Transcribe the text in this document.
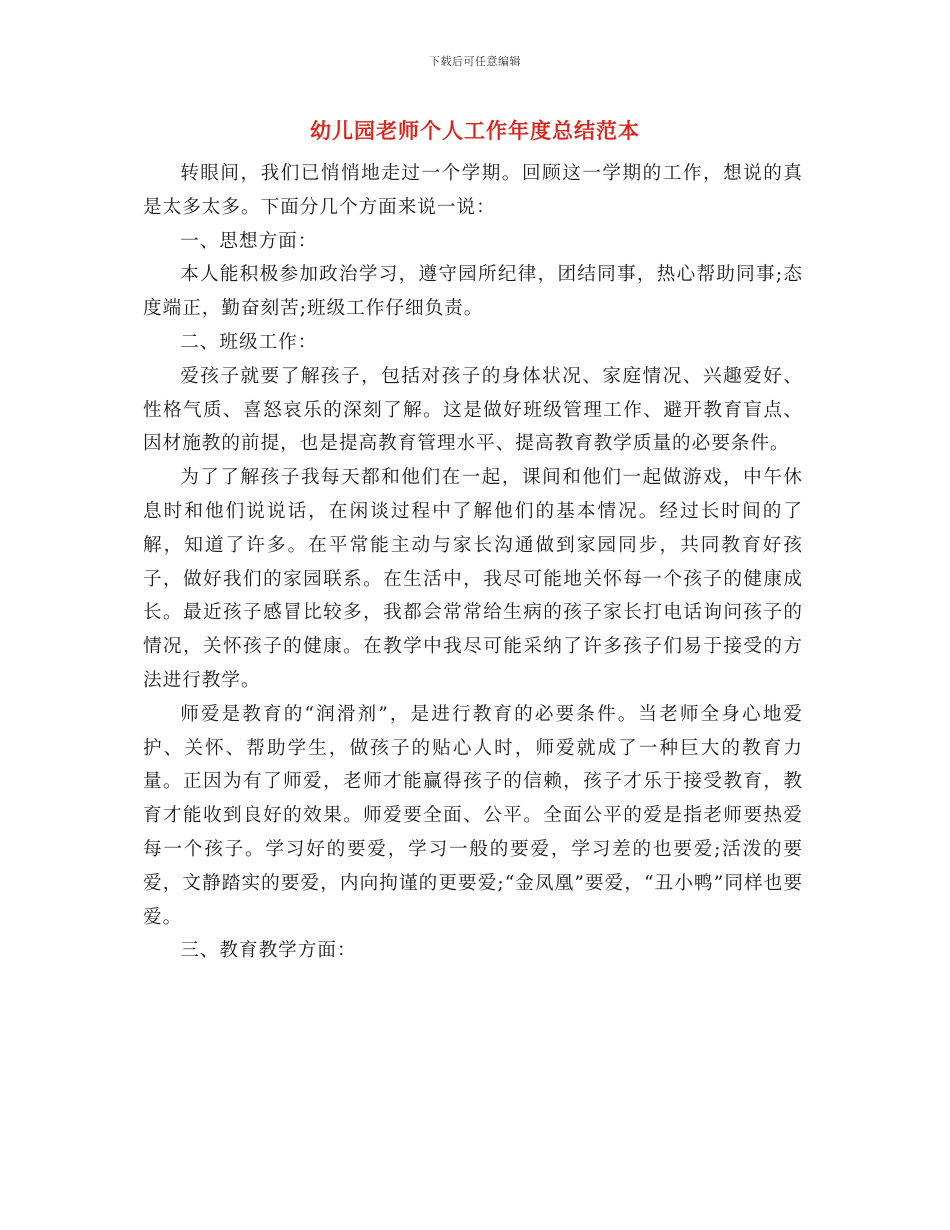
下载后可任意编辑
幼儿园老师个人工作年度总结范本

转眼间，我们已悄悄地走过一个学期。回顾这一学期的工作，想说的真是太多太多。下面分几个方面来说一说：

一、思想方面：

本人能积极参加政治学习，遵守园所纪律，团结同事，热心帮助同事;态度端正，勤奋刻苦;班级工作仔细负责。

二、班级工作：

爱孩子就要了解孩子，包括对孩子的身体状况、家庭情况、兴趣爱好、性格气质、喜怒哀乐的深刻了解。这是做好班级管理工作、避开教育盲点、因材施教的前提，也是提高教育管理水平、提高教育教学质量的必要条件。

为了了解孩子我每天都和他们在一起，课间和他们一起做游戏，中午休息时和他们说说话，在闲谈过程中了解他们的基本情况。经过长时间的了解，知道了许多。在平常能主动与家长沟通做到家园同步，共同教育好孩子，做好我们的家园联系。在生活中，我尽可能地关怀每一个孩子的健康成长。最近孩子感冒比较多，我都会常常给生病的孩子家长打电话询问孩子的情况，关怀孩子的健康。在教学中我尽可能采纳了许多孩子们易于接受的方法进行教学。

师爱是教育的“润滑剂”，是进行教育的必要条件。当老师全身心地爱护、关怀、帮助学生，做孩子的贴心人时，师爱就成了一种巨大的教育力量。正因为有了师爱，老师才能赢得孩子的信赖，孩子才乐于接受教育，教育才能收到良好的效果。师爱要全面、公平。全面公平的爱是指老师要热爱每一个孩子。学习好的要爱，学习一般的要爱，学习差的也要爱;活泼的要爱，文静踏实的要爱，内向拘谨的更要爱;“金凤凰”要爱，“丑小鸭”同样也要爱。

三、教育教学方面：
